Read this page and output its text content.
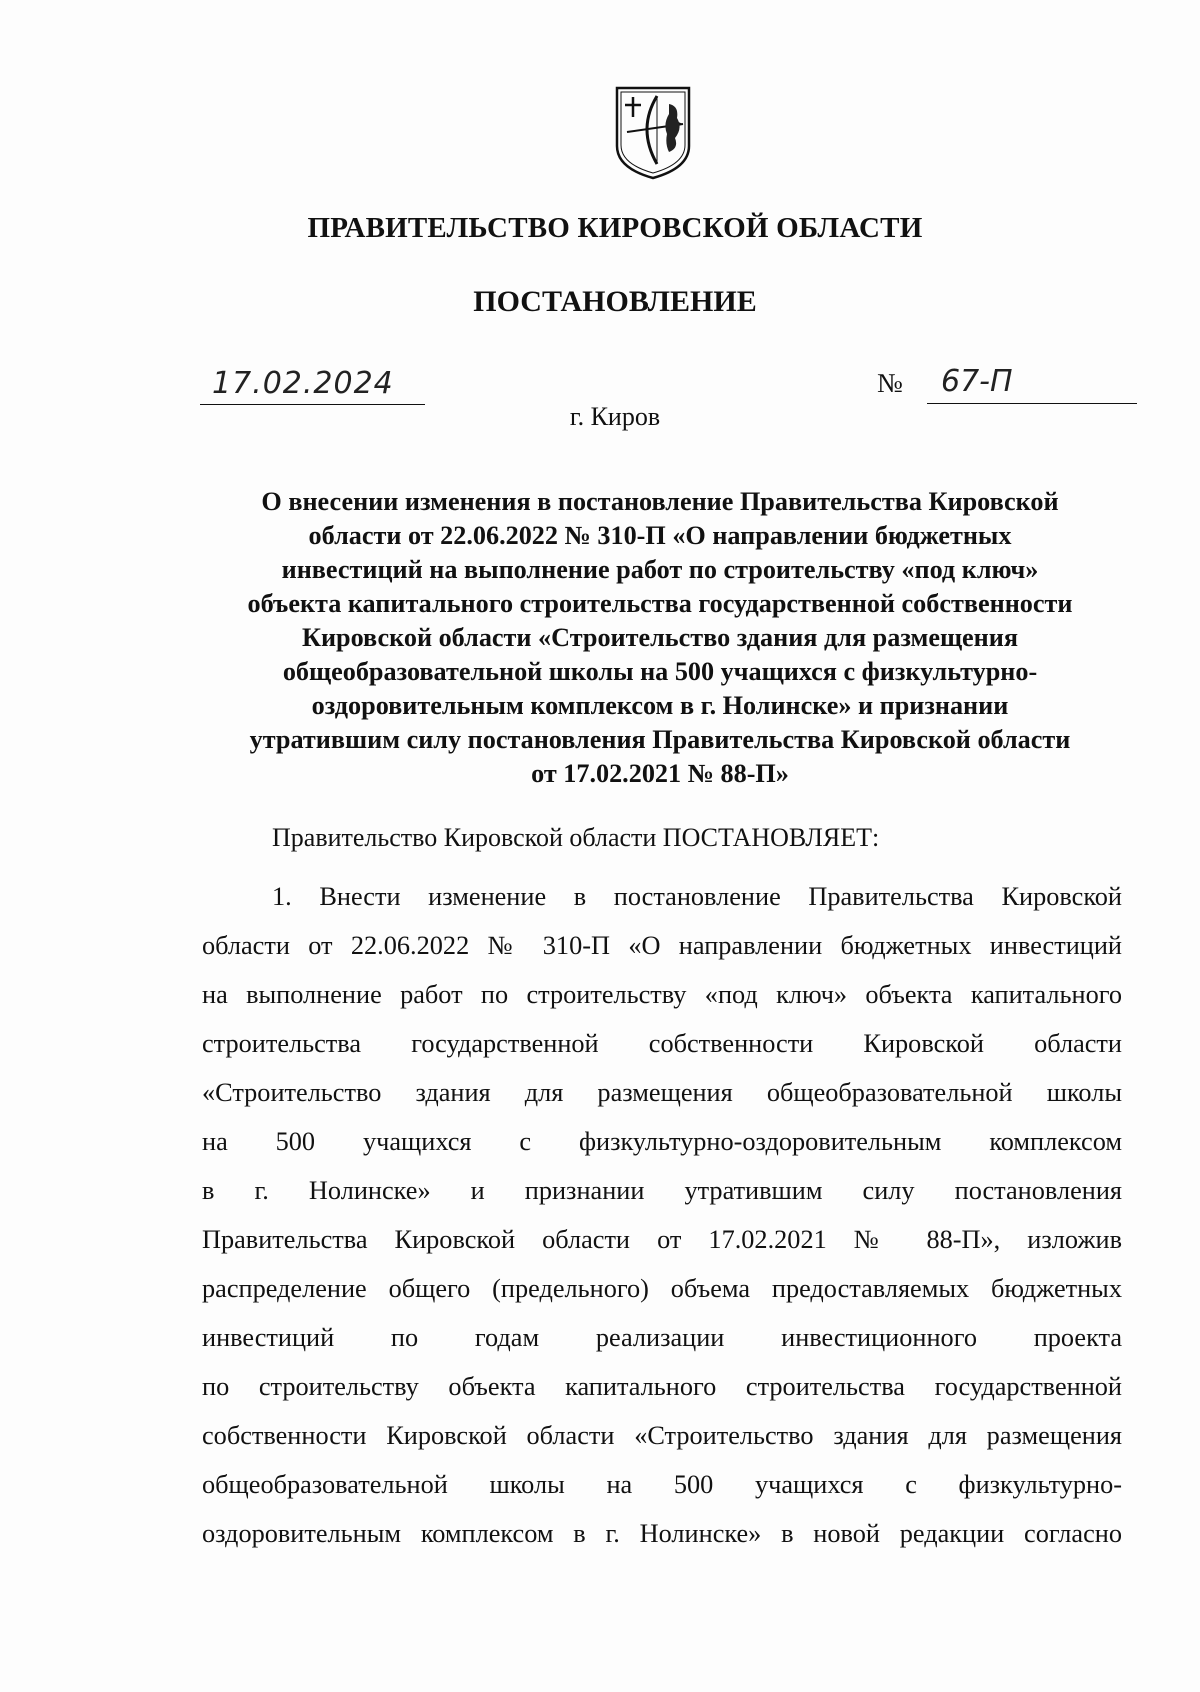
ПРАВИТЕЛЬСТВО КИРОВСКОЙ ОБЛАСТИ
ПОСТАНОВЛЕНИЕ
17.02.2024	№ 67-П
г. Киров
О внесении изменения в постановление Правительства Кировской
области от 22.06.2022 № 310-П «О направлении бюджетных
инвестиций на выполнение работ по строительству «под ключ»
объекта капитального строительства государственной собственности
Кировской области «Строительство здания для размещения
общеобразовательной школы на 500 учащихся с физкультурно-
оздоровительным комплексом в г. Нолинске» и признании
утратившим силу постановления Правительства Кировской области
от 17.02.2021 № 88-П»
Правительство Кировской области ПОСТАНОВЛЯЕТ:
1. Внести изменение в постановление Правительства Кировской
области от 22.06.2022 № 310-П «О направлении бюджетных инвестиций
на выполнение работ по строительству «под ключ» объекта капитального
строительства государственной собственности Кировской области
«Строительство здания для размещения общеобразовательной школы
на 500 учащихся с физкультурно-оздоровительным комплексом
в г. Нолинске» и признании утратившим силу постановления
Правительства Кировской области от 17.02.2021 № 88-П», изложив
распределение общего (предельного) объема предоставляемых бюджетных
инвестиций по годам реализации инвестиционного проекта
по строительству объекта капитального строительства государственной
собственности Кировской области «Строительство здания для размещения
общеобразовательной школы на 500 учащихся с физкультурно-
оздоровительным комплексом в г. Нолинске» в новой редакции согласно
